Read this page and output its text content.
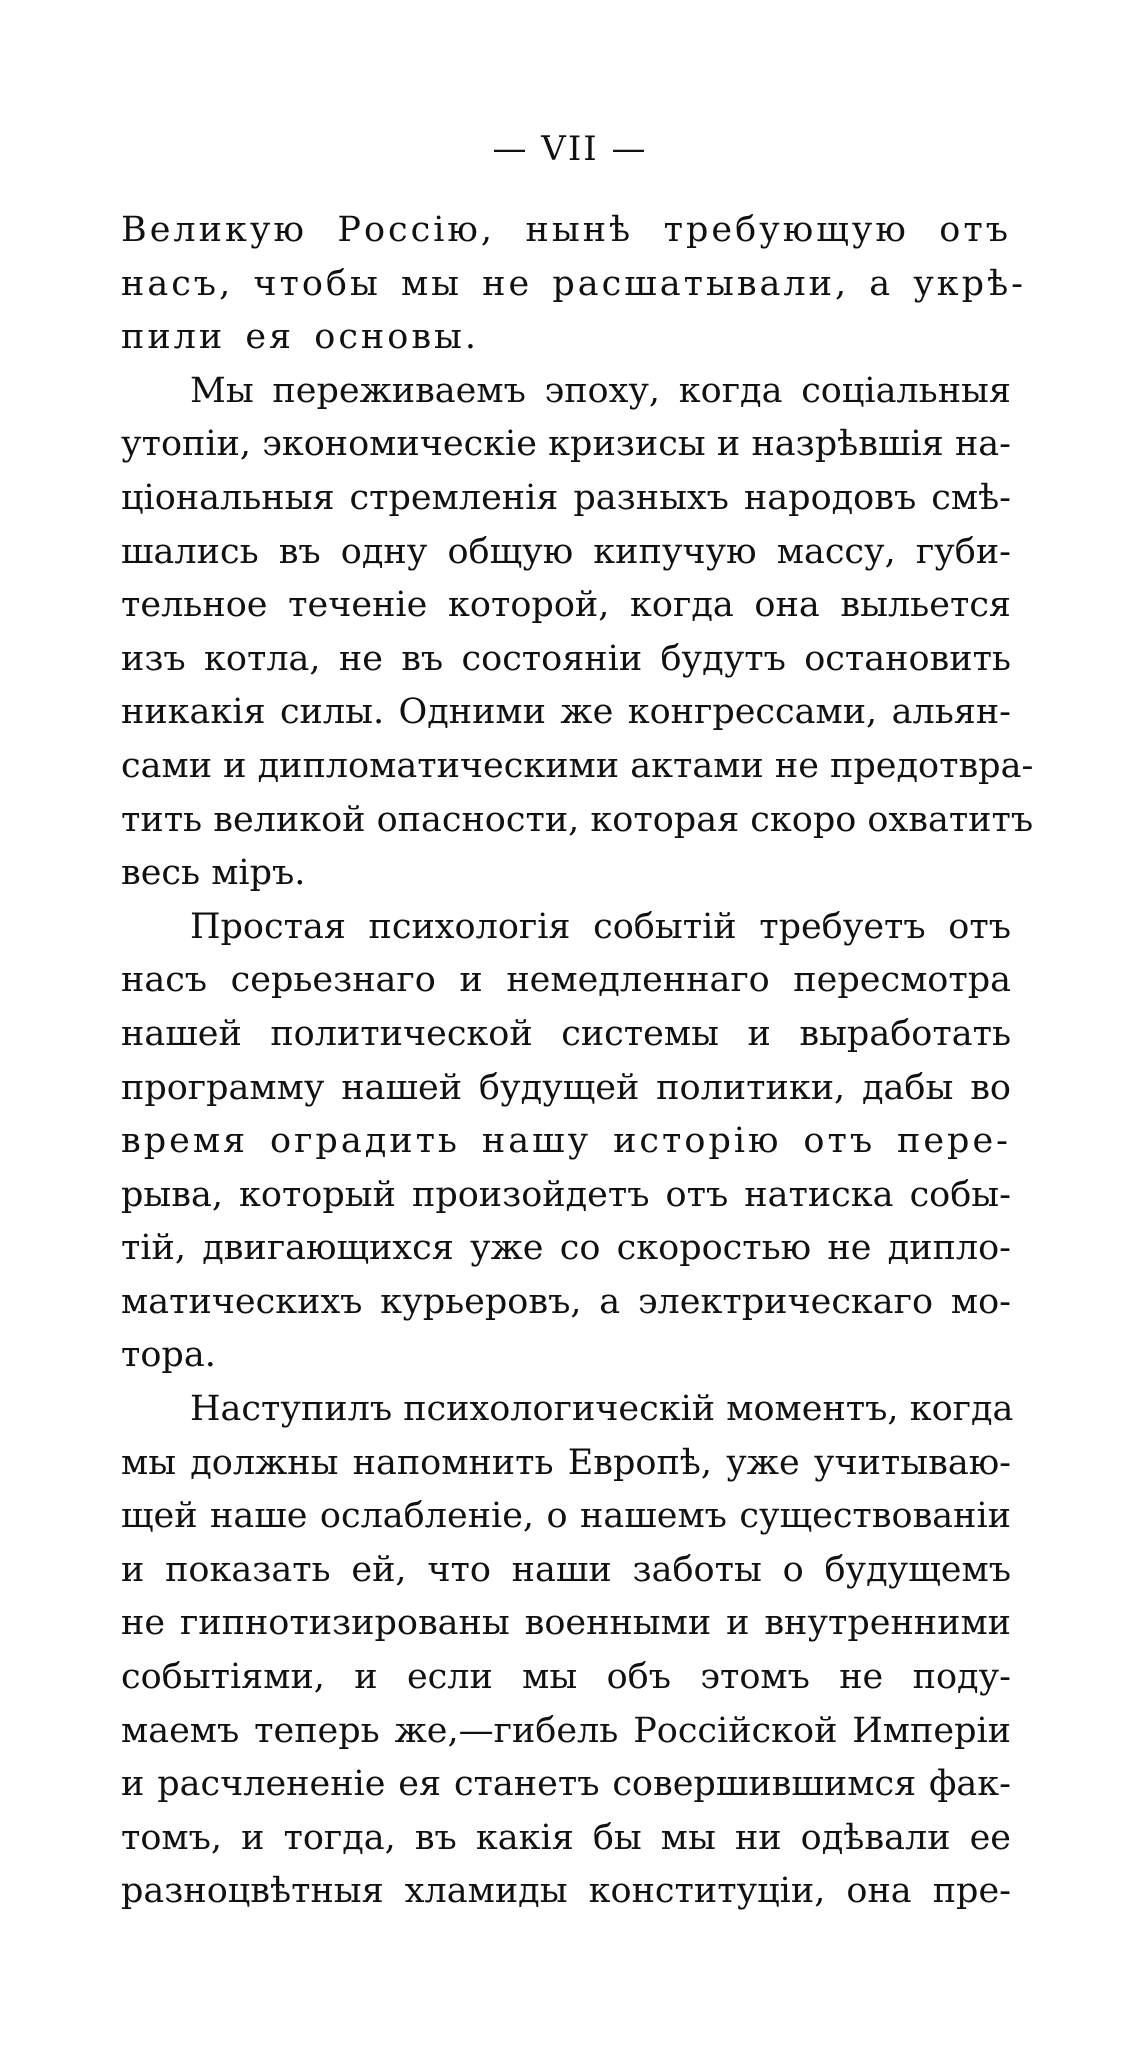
— VII —
Великую Россію, нынѣ требующую отъ
насъ, чтобы мы не расшатывали, а укрѣ-
пили ея основы.
Мы переживаемъ эпоху, когда соціальныя
утопіи, экономическіе кризисы и назрѣвшія на-
ціональныя стремленія разныхъ народовъ смѣ-
шались въ одну общую кипучую массу, губи-
тельное теченіе которой, когда она выльется
изъ котла, не въ состояніи будутъ остановить
никакія силы. Одними же конгрессами, альян-
сами и дипломатическими актами не предотвра-
тить великой опасности, которая скоро охватитъ
весь міръ.
Простая психологія событій требуетъ отъ
насъ серьезнаго и немедленнаго пересмотра
нашей политической системы и выработать
программу нашей будущей политики, дабы во
время оградить нашу исторію отъ пере-
рыва, который произойдетъ отъ натиска собы-
тій, двигающихся уже со скоростью не дипло-
матическихъ курьеровъ, а электрическаго мо-
тора.
Наступилъ психологическій моментъ, когда
мы должны напомнить Европѣ, уже учитываю-
щей наше ослабленіе, о нашемъ существованіи
и показать ей, что наши заботы о будущемъ
не гипнотизированы военными и внутренними
событіями, и если мы объ этомъ не поду-
маемъ теперь же,—гибель Россійской Имперіи
и расчлененіе ея станетъ совершившимся фак-
томъ, и тогда, въ какія бы мы ни одѣвали ее
разноцвѣтныя хламиды конституціи, она пре-
